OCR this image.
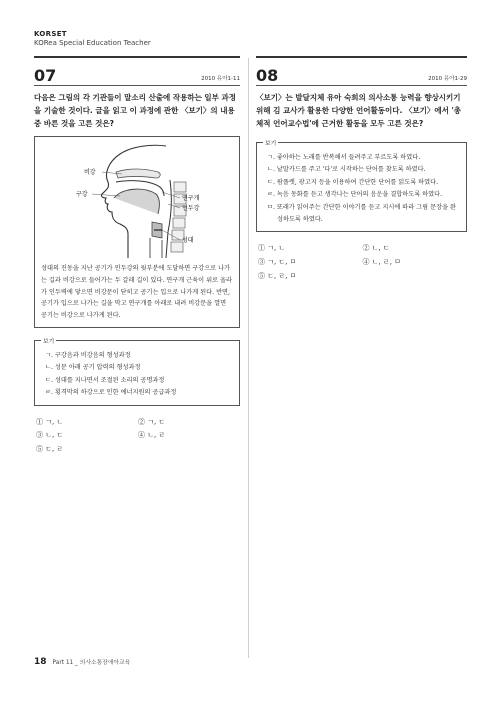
KORSET
KORea Special Education Teacher
07	2010 유아1-11
다음은 그림의 각 기관들이 말소리 산출에 작용하는 일부 과정을 기술한 것이다. 글을 읽고 이 과정에 관한 〈보기〉의 내용 중 바른 것을 고른 것은?
비강
구강
연구개
인두강
성대
성대의 진동을 지난 공기가 인두강의 윗부분에 도달하면 구강으로 나가는 길과 비강으로 들어가는 두 갈래 길이 있다. 연구개 근육이 위로 올라가 인두벽에 닿으면 비강문이 닫히고 공기는 입으로 나가게 된다. 반면, 공기가 입으로 나가는 길을 막고 연구개를 아래로 내려 비강문을 열면 공기는 비강으로 나가게 된다.
보기
ㄱ. 구강음과 비강음의 형성과정
ㄴ. 성문 아래 공기 압력의 형성과정
ㄷ. 성대를 지나면서 조절된 소리의 공명과정
ㄹ. 횡격막의 하강으로 인한 에너지원의 공급과정
① ㄱ, ㄴ	② ㄱ, ㄷ
③ ㄴ, ㄷ	④ ㄴ, ㄹ
⑤ ㄷ, ㄹ
08	2010 유아1-29
〈보기〉는 발달지체 유아 숙희의 의사소통 능력을 향상시키기 위해 김 교사가 활용한 다양한 언어활동이다. 〈보기〉에서 '총체적 언어교수법'에 근거한 활동을 모두 고른 것은?
보기
ㄱ. 좋아하는 노래를 반복해서 들려주고 부르도록 하였다.
ㄴ. 낱말카드를 주고 '다'로 시작하는 단어를 찾도록 하였다.
ㄷ. 팜플렛, 광고지 등을 이용하여 간단한 단어를 읽도록 하였다.
ㄹ. 녹음 동화를 듣고 생각나는 단어의 음운을 결합하도록 하였다.
ㅁ. 또래가 읽어주는 간단한 이야기를 듣고 지시에 따라 그림 문장을 완성하도록 하였다.
① ㄱ, ㄴ	② ㄴ, ㄷ
③ ㄱ, ㄷ, ㅁ	④ ㄴ, ㄹ, ㅁ
⑤ ㄷ, ㄹ, ㅁ
18 Part 11 _ 의사소통장애아교육
